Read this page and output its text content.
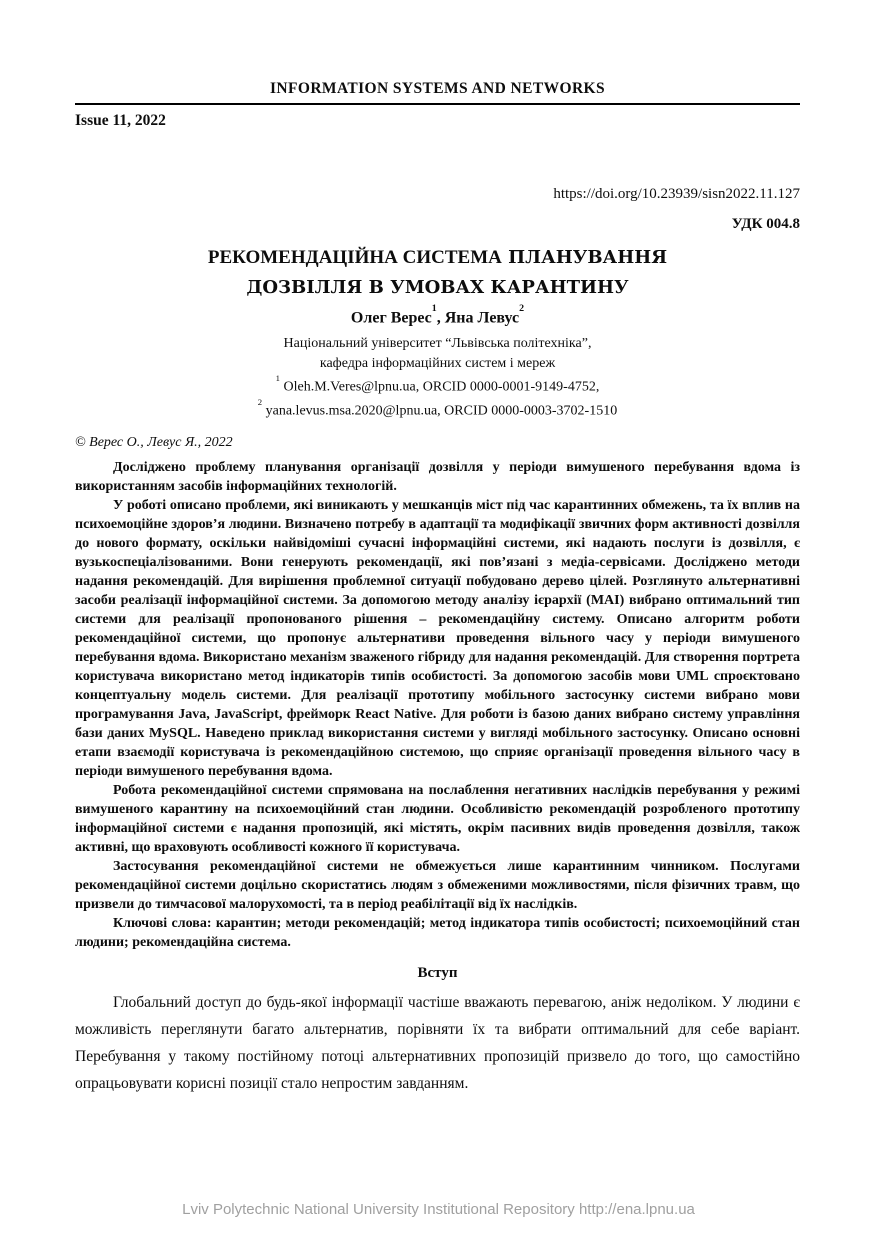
INFORMATION SYSTEMS AND NETWORKS
Issue 11, 2022
https://doi.org/10.23939/sisn2022.11.127
УДК 004.8
РЕКОМЕНДАЦІЙНА СИСТЕМА ПЛАНУВАННЯ
ДОЗВІЛЛЯ В УМОВАХ КАРАНТИНУ
Олег Верес$^1$, Яна Левус$^2$
Національний університет “Львівська політехніка”,
кафедра інформаційних систем і мереж
$^1$ Oleh.M.Veres@lpnu.ua, ORCID 0000-0001-9149-4752,
$^2$ yana.levus.msa.2020@lpnu.ua, ORCID 0000-0003-3702-1510
© Верес О., Левус Я., 2022

Досліджено проблему планування організації дозвілля у періоди вимушеного перебування вдома із використанням засобів інформаційних технологій.

У роботі описано проблеми, які виникають у мешканців міст під час карантинних обмежень, та їх вплив на психоемоційне здоров’я людини. Визначено потребу в адаптації та модифікації звичних форм активності дозвілля до нового формату, оскільки найвідоміші сучасні інформаційні системи, які надають послуги із дозвілля, є вузькоспеціалізованими. Вони генерують рекомендації, які пов’язані з медіа-сервісами. Досліджено методи надання рекомендацій. Для вирішення проблемної ситуації побудовано дерево цілей. Розглянуто альтернативні засоби реалізації інформаційної системи. За допомогою методу аналізу ієрархії (МАІ) вибрано оптимальний тип системи для реалізації пропонованого рішення – рекомендаційну систему. Описано алгоритм роботи рекомендаційної системи, що пропонує альтернативи проведення вільного часу у періоди вимушеного перебування вдома. Використано механізм зваженого гібриду для надання рекомендацій. Для створення портрета користувача використано метод індикаторів типів особистості. За допомогою засобів мови UML спроєктовано концептуальну модель системи. Для реалізації прототипу мобільного застосунку системи вибрано мови програмування Java, JavaScript, фрейморк React Native. Для роботи із базою даних вибрано систему управління бази даних MySQL. Наведено приклад використання системи у вигляді мобільного застосунку. Описано основні етапи взаємодії користувача із рекомендаційною системою, що сприяє організації проведення вільного часу в періоди вимушеного перебування вдома.

Робота рекомендаційної системи спрямована на послаблення негативних наслідків перебування у режимі вимушеного карантину на психоемоційний стан людини. Особливістю рекомендацій розробленого прототипу інформаційної системи є надання пропозицій, які містять, окрім пасивних видів проведення дозвілля, також активні, що враховують особливості кожного її користувача.

Застосування рекомендаційної системи не обмежується лише карантинним чинником. Послугами рекомендаційної системи доцільно скористатись людям з обмеженими можливостями, після фізичних травм, що призвели до тимчасової малорухомості, та в період реабілітації від їх наслідків.

Ключові слова: карантин; методи рекомендацій; метод індикатора типів особистості; психоемоційний стан людини; рекомендаційна система.

Вступ

Глобальний доступ до будь-якої інформації частіше вважають перевагою, аніж недоліком. У людини є можливість переглянути багато альтернатив, порівняти їх та вибрати оптимальний для себе варіант. Перебування у такому постійному потоці альтернативних пропозицій призвело до того, що самостійно опрацьовувати корисні позиції стало непростим завданням.

Lviv Polytechnic National University Institutional Repository http://ena.lpnu.ua
